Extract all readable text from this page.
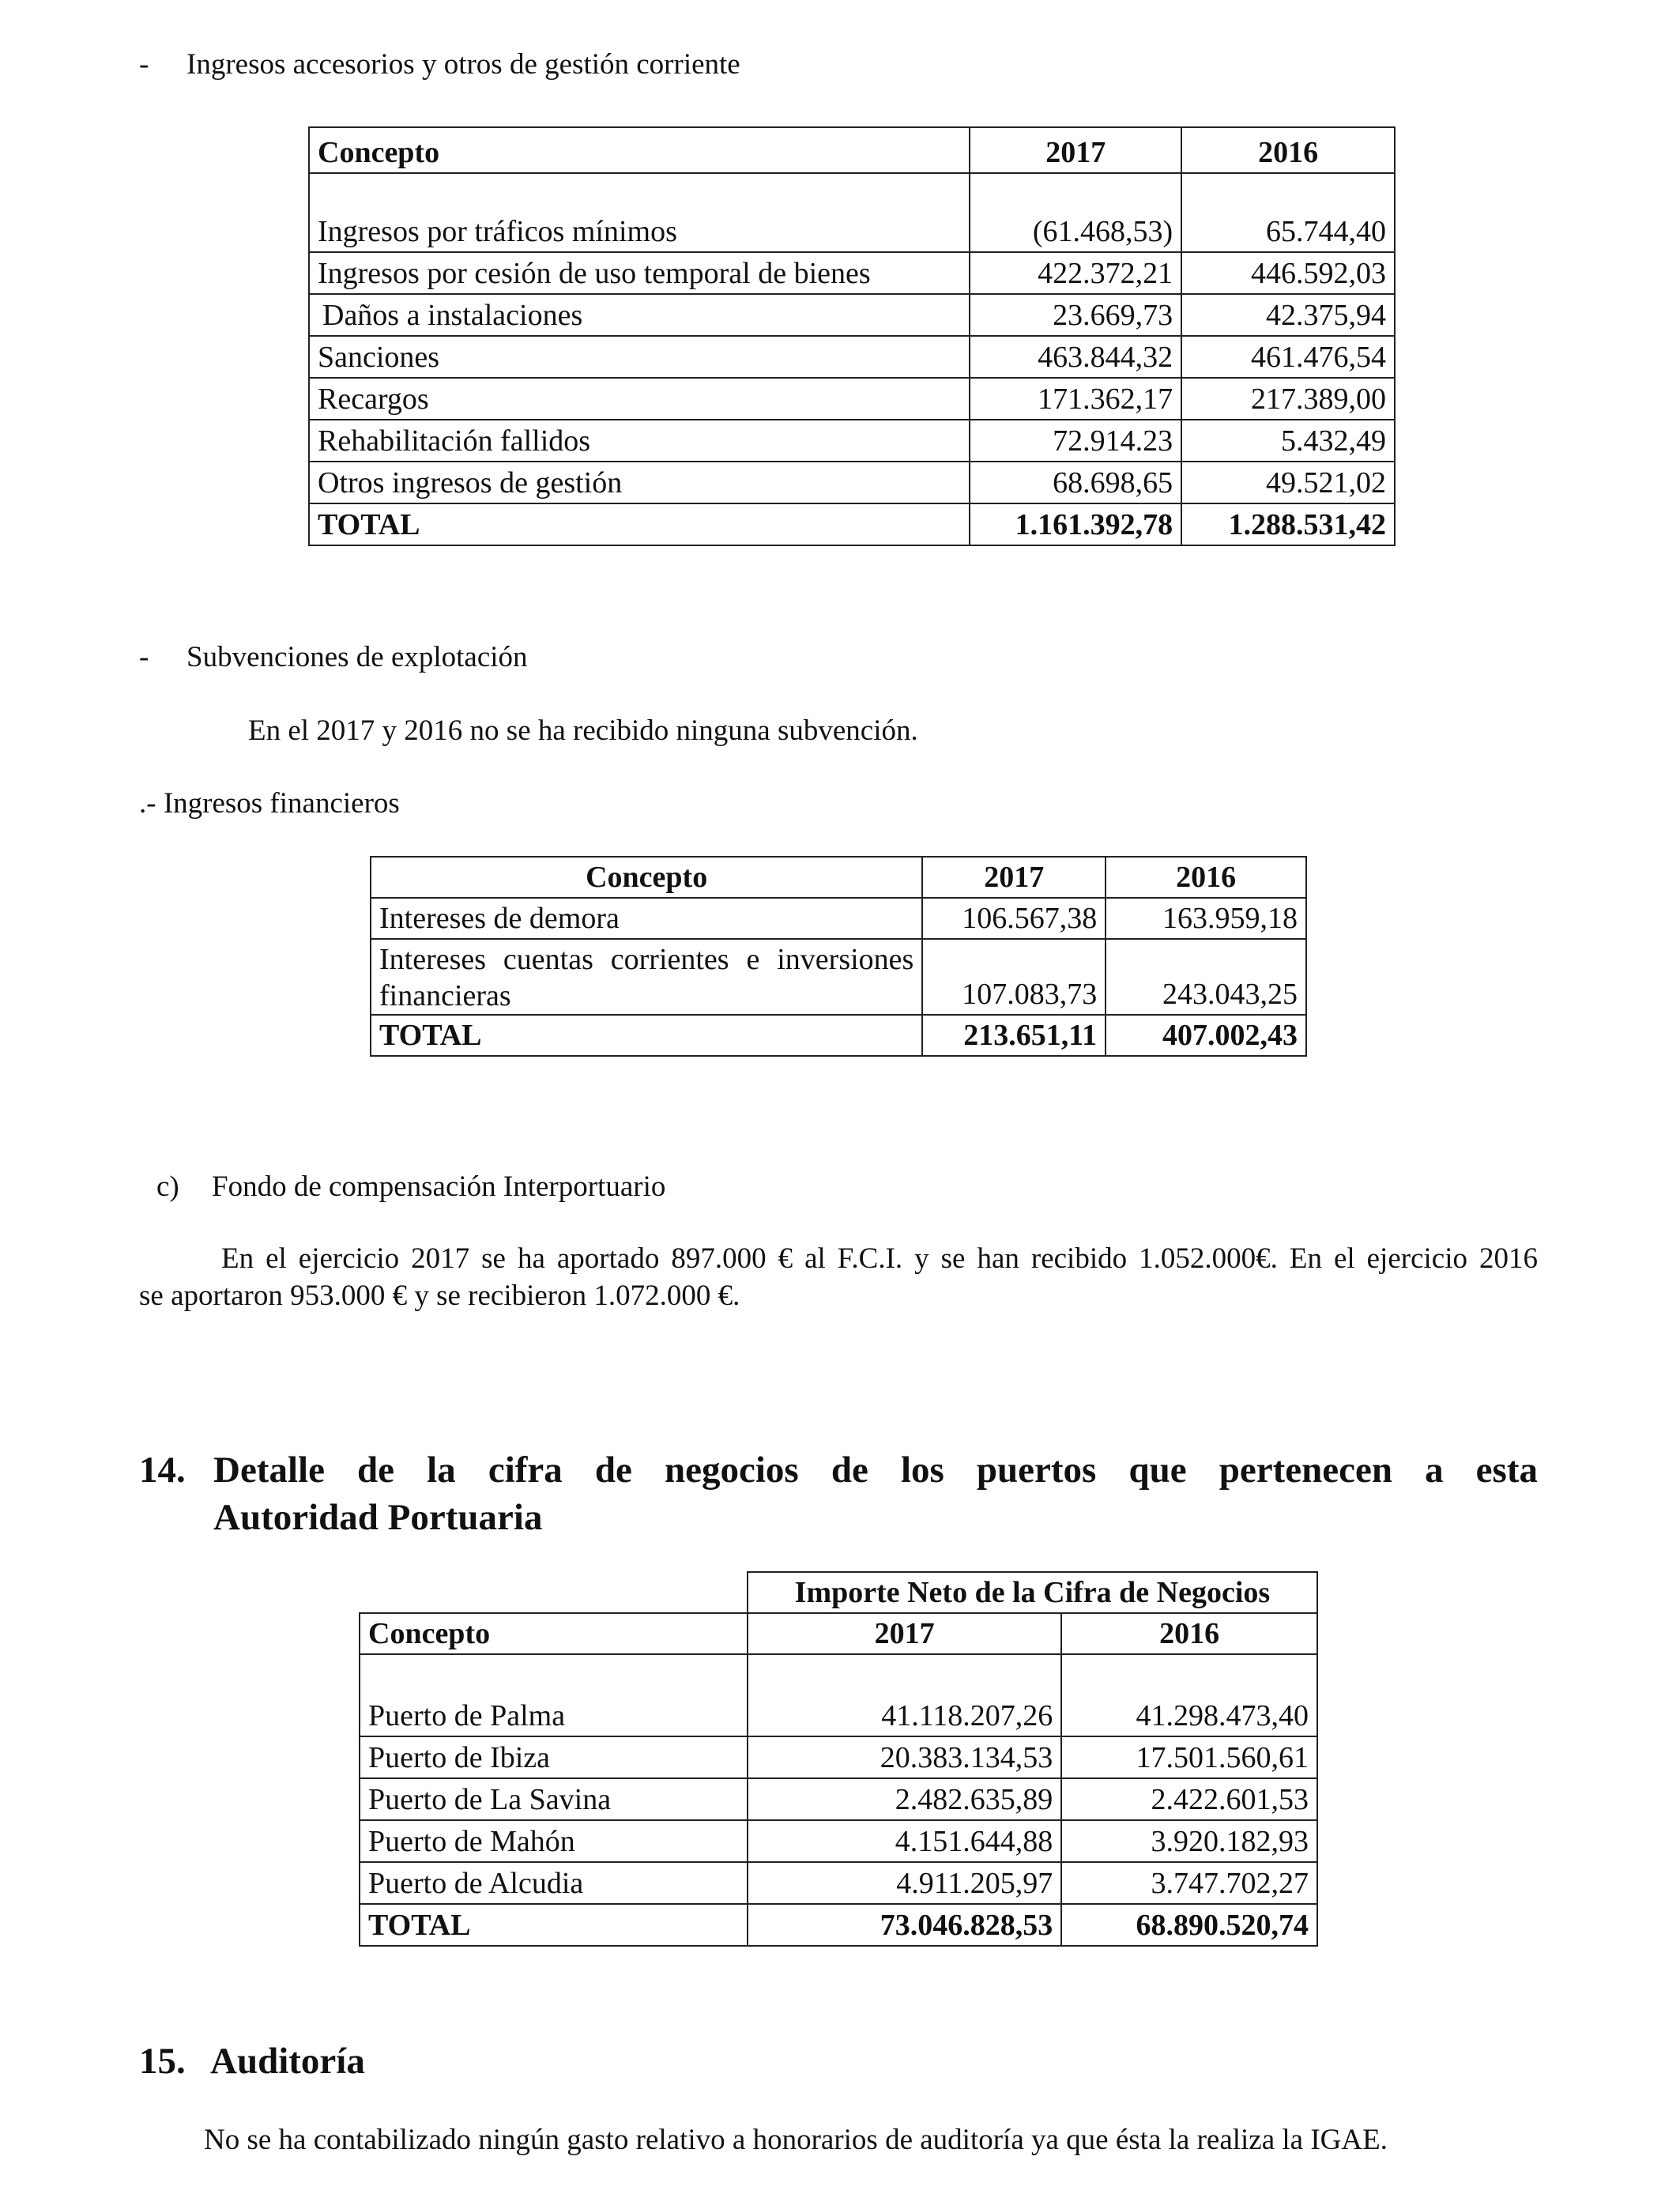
- Ingresos accesorios y otros de gestión corriente
Concepto	2017	2016
Ingresos por tráficos mínimos	(61.468,53)	65.744,40
Ingresos por cesión de uso temporal de bienes	422.372,21	446.592,03
Daños a instalaciones	23.669,73	42.375,94
Sanciones	463.844,32	461.476,54
Recargos	171.362,17	217.389,00
Rehabilitación fallidos	72.914.23	5.432,49
Otros ingresos de gestión	68.698,65	49.521,02
TOTAL	1.161.392,78	1.288.531,42
- Subvenciones de explotación
En el 2017 y 2016 no se ha recibido ninguna subvención.
.- Ingresos financieros
Concepto	2017	2016
Intereses de demora	106.567,38	163.959,18

Intereses cuentas corrientes e inversiones
financieras	107.083,73	243.043,25
TOTAL	213.651,11	407.002,43
c) Fondo de compensación Interportuario
En el ejercicio 2017 se ha aportado 897.000 € al F.C.I. y se han recibido 1.052.000€. En el ejercicio 2016
se aportaron 953.000 € y se recibieron 1.072.000 €.
14. Detalle de la cifra de negocios de los puertos que pertenecen a esta
Autoridad Portuaria
	Importe Neto de la Cifra de Negocios	
Concepto	2017	2016
Puerto de Palma	41.118.207,26	41.298.473,40
Puerto de Ibiza	20.383.134,53	17.501.560,61
Puerto de La Savina	2.482.635,89	2.422.601,53
Puerto de Mahón	4.151.644,88	3.920.182,93
Puerto de Alcudia	4.911.205,97	3.747.702,27
TOTAL	73.046.828,53	68.890.520,74
15. Auditoría
No se ha contabilizado ningún gasto relativo a honorarios de auditoría ya que ésta la realiza la IGAE.
